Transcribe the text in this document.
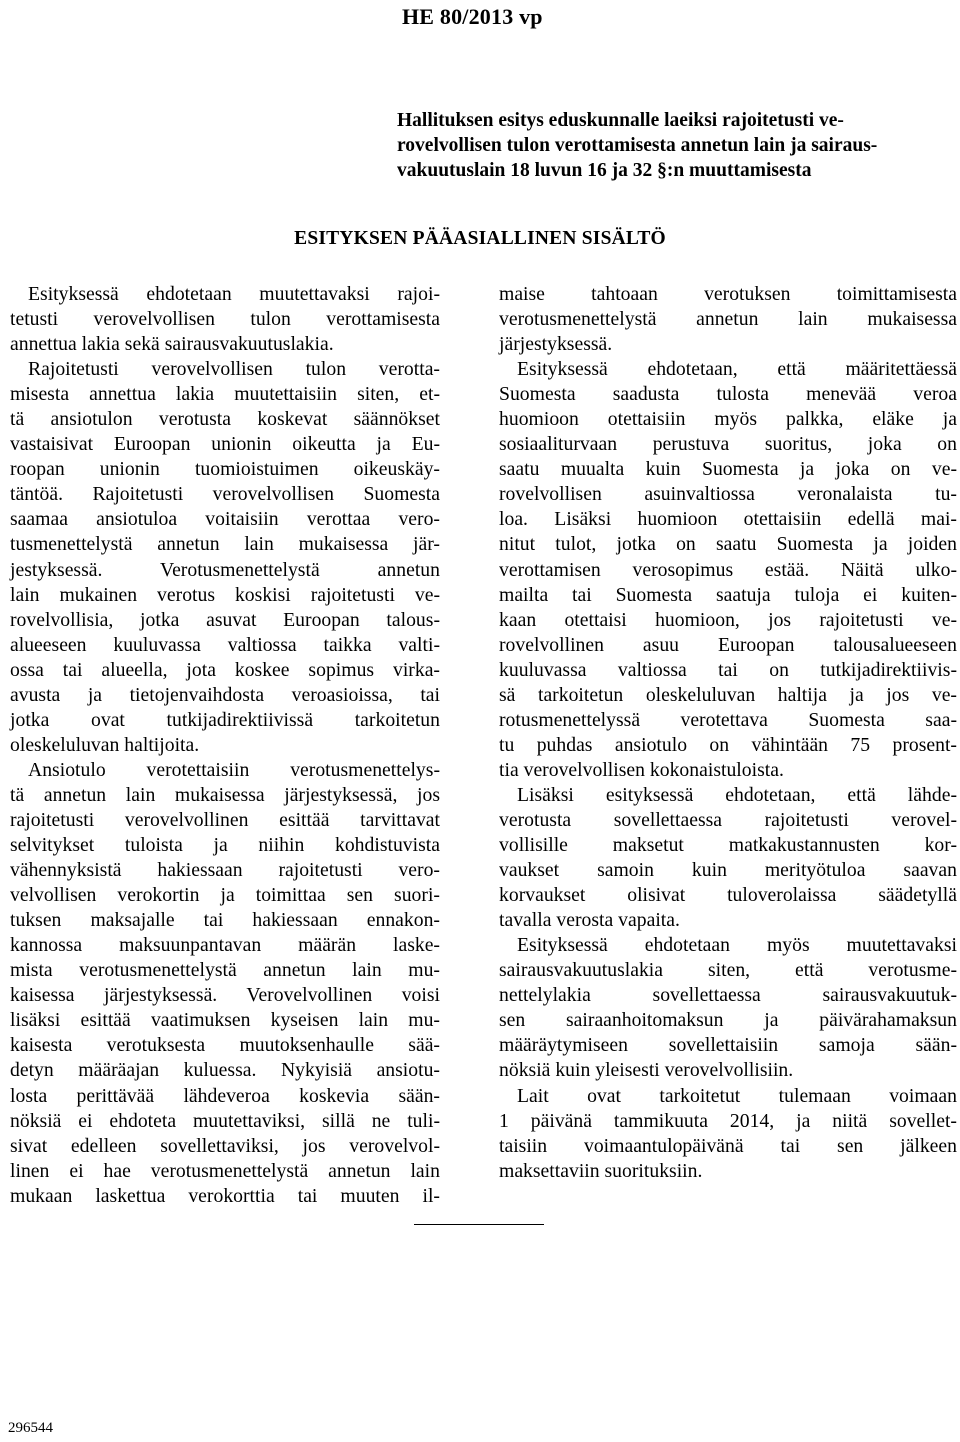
HE 80/2013 vp
Hallituksen esitys eduskunnalle laeiksi rajoitetusti ve-
rovelvollisen tulon verottamisesta annetun lain ja sairaus-
vakuutuslain 18 luvun 16 ja 32 §:n muuttamisesta
ESITYKSEN PÄÄASIALLINEN SISÄLTÖ
Esityksessä ehdotetaan muutettavaksi rajoi-
tetusti verovelvollisen tulon verottamisesta
annettua lakia sekä sairausvakuutuslakia.
Rajoitetusti verovelvollisen tulon verotta-
misesta annettua lakia muutettaisiin siten, et-
tä ansiotulon verotusta koskevat säännökset
vastaisivat Euroopan unionin oikeutta ja Eu-
roopan unionin tuomioistuimen oikeuskäy-
täntöä. Rajoitetusti verovelvollisen Suomesta
saamaa ansiotuloa voitaisiin verottaa vero-
tusmenettelystä annetun lain mukaisessa jär-
jestyksessä. Verotusmenettelystä annetun
lain mukainen verotus koskisi rajoitetusti ve-
rovelvollisia, jotka asuvat Euroopan talous-
alueeseen kuuluvassa valtiossa taikka valti-
ossa tai alueella, jota koskee sopimus virka-
avusta ja tietojenvaihdosta veroasioissa, tai
jotka ovat tutkijadirektiivissä tarkoitetun
oleskeluluvan haltijoita.
Ansiotulo verotettaisiin verotusmenettelys-
tä annetun lain mukaisessa järjestyksessä, jos
rajoitetusti verovelvollinen esittää tarvittavat
selvitykset tuloista ja niihin kohdistuvista
vähennyksistä hakiessaan rajoitetusti vero-
velvollisen verokortin ja toimittaa sen suori-
tuksen maksajalle tai hakiessaan ennakon-
kannossa maksuunpantavan määrän laske-
mista verotusmenettelystä annetun lain mu-
kaisessa järjestyksessä. Verovelvollinen voisi
lisäksi esittää vaatimuksen kyseisen lain mu-
kaisesta verotuksesta muutoksenhaulle sää-
detyn määräajan kuluessa. Nykyisiä ansiotu-
losta perittävää lähdeveroa koskevia sään-
nöksiä ei ehdoteta muutettaviksi, sillä ne tuli-
sivat edelleen sovellettaviksi, jos verovelvol-
linen ei hae verotusmenettelystä annetun lain
mukaan laskettua verokorttia tai muuten il-
maise tahtoaan verotuksen toimittamisesta
verotusmenettelystä annetun lain mukaisessa
järjestyksessä.
Esityksessä ehdotetaan, että määritettäessä
Suomesta saadusta tulosta menevää veroa
huomioon otettaisiin myös palkka, eläke ja
sosiaaliturvaan perustuva suoritus, joka on
saatu muualta kuin Suomesta ja joka on ve-
rovelvollisen asuinvaltiossa veronalaista tu-
loa. Lisäksi huomioon otettaisiin edellä mai-
nitut tulot, jotka on saatu Suomesta ja joiden
verottamisen verosopimus estää. Näitä ulko-
mailta tai Suomesta saatuja tuloja ei kuiten-
kaan otettaisi huomioon, jos rajoitetusti ve-
rovelvollinen asuu Euroopan talousalueeseen
kuuluvassa valtiossa tai on tutkijadirektiivis-
sä tarkoitetun oleskeluluvan haltija ja jos ve-
rotusmenettelyssä verotettava Suomesta saa-
tu puhdas ansiotulo on vähintään 75 prosent-
tia verovelvollisen kokonaistuloista.
Lisäksi esityksessä ehdotetaan, että lähde-
verotusta sovellettaessa rajoitetusti verovel-
vollisille maksetut matkakustannusten kor-
vaukset samoin kuin merityötuloa saavan
korvaukset olisivat tuloverolaissa säädetyllä
tavalla verosta vapaita.
Esityksessä ehdotetaan myös muutettavaksi
sairausvakuutuslakia siten, että verotusme-
nettelylakia sovellettaessa sairausvakuutuk-
sen sairaanhoitomaksun ja päivärahamaksun
määräytymiseen sovellettaisiin samoja sään-
nöksiä kuin yleisesti verovelvollisiin.
Lait ovat tarkoitetut tulemaan voimaan
1 päivänä tammikuuta 2014, ja niitä sovellet-
taisiin voimaantulopäivänä tai sen jälkeen
maksettaviin suorituksiin.
296544
